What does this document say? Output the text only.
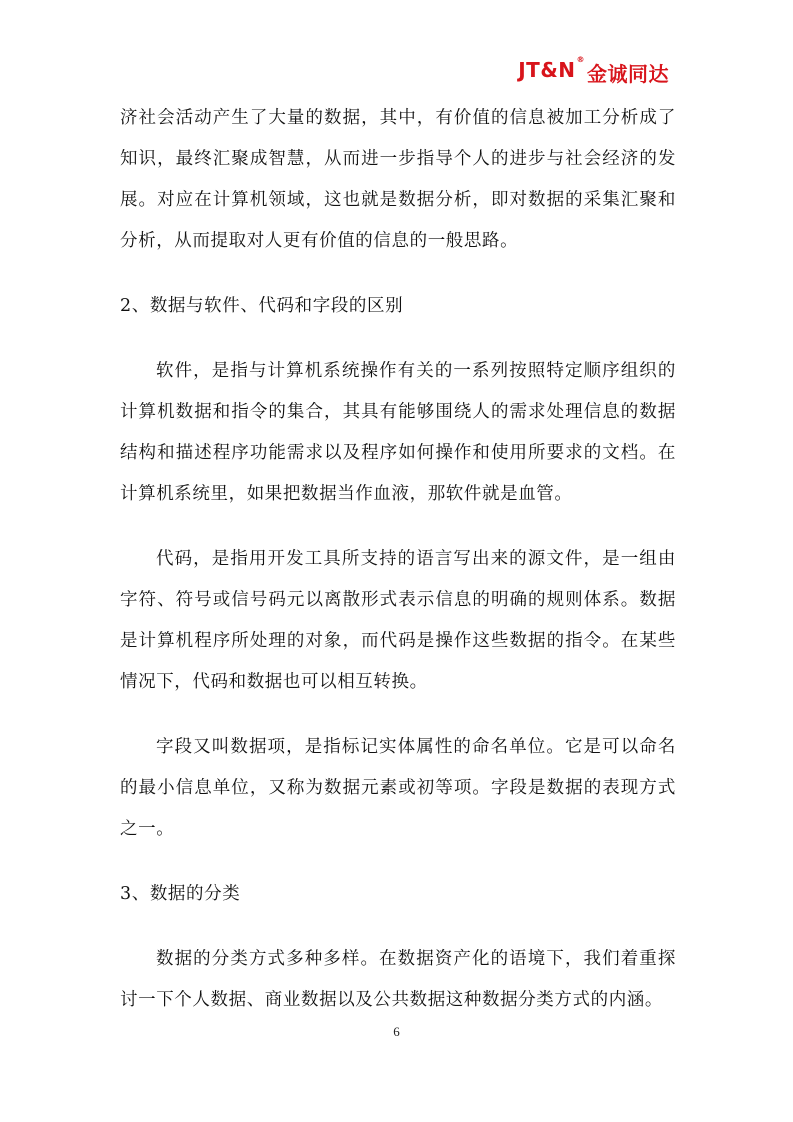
JT&N ®
金诚同达

济社会活动产生了大量的数据，其中，有价值的信息被加工分析成了知识，最终汇聚成智慧，从而进一步指导个人的进步与社会经济的发展。对应在计算机领域，这也就是数据分析，即对数据的采集汇聚和分析，从而提取对人更有价值的信息的一般思路。

2、数据与软件、代码和字段的区别

软件，是指与计算机系统操作有关的一系列按照特定顺序组织的计算机数据和指令的集合，其具有能够围绕人的需求处理信息的数据结构和描述程序功能需求以及程序如何操作和使用所要求的文档。在计算机系统里，如果把数据当作血液，那软件就是血管。

代码，是指用开发工具所支持的语言写出来的源文件，是一组由字符、符号或信号码元以离散形式表示信息的明确的规则体系。数据是计算机程序所处理的对象，而代码是操作这些数据的指令。在某些情况下，代码和数据也可以相互转换。

字段又叫数据项，是指标记实体属性的命名单位。它是可以命名的最小信息单位，又称为数据元素或初等项。字段是数据的表现方式之一。

3、数据的分类

数据的分类方式多种多样。在数据资产化的语境下，我们着重探讨一下个人数据、商业数据以及公共数据这种数据分类方式的内涵。

6
